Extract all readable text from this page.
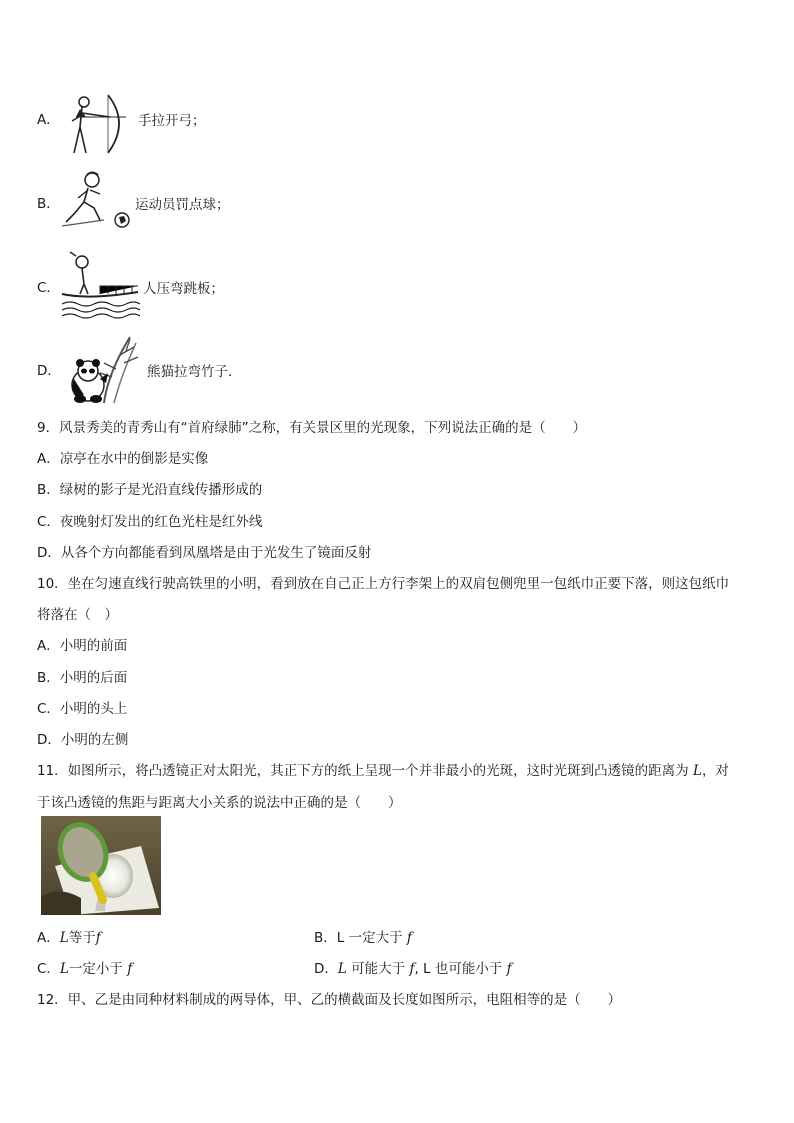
A．	手拉开弓；
B．	运动员罚点球；
C．	人压弯跳板；
D．	熊猫拉弯竹子．
9．风景秀美的青秀山有“首府绿肺”之称，有关景区里的光现象，下列说法正确的是（　　）
A．凉亭在水中的倒影是实像
B．绿树的影子是光沿直线传播形成的
C．夜晚射灯发出的红色光柱是红外线
D．从各个方向都能看到凤凰塔是由于光发生了镜面反射
10．坐在匀速直线行驶高铁里的小明，看到放在自己正上方行李架上的双肩包侧兜里一包纸巾正要下落，则这包纸巾
将落在（　）
A．小明的前面
B．小明的后面
C．小明的头上
D．小明的左侧
11．如图所示，将凸透镜正对太阳光，其正下方的纸上呈现一个并非最小的光斑，这时光斑到凸透镜的距离为 L，对
于该凸透镜的焦距与距离大小关系的说法中正确的是（　　）
A．L等于f	B．L 一定大于 f
C．L一定小于 f	D．L 可能大于 f, L 也可能小于 f
12．甲、乙是由同种材料制成的两导体，甲、乙的横截面及长度如图所示，电阻相等的是（　　）
